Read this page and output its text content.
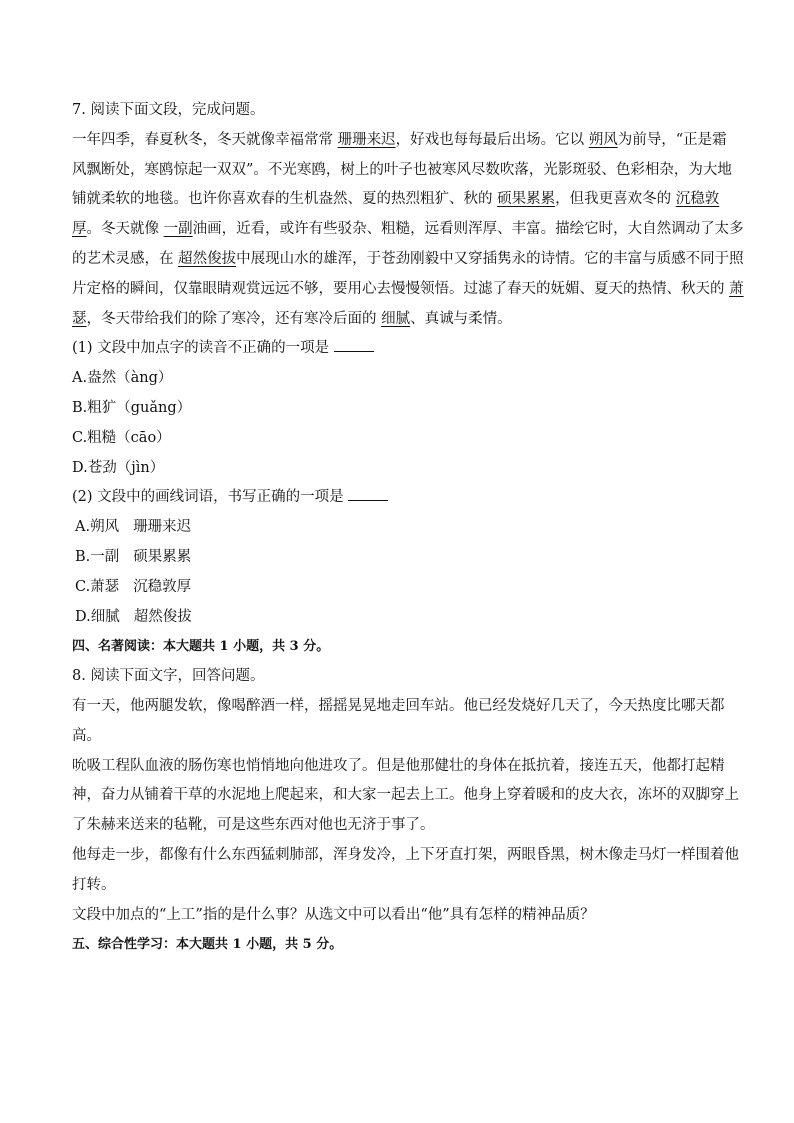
7. 阅读下面文段，完成问题。
一年四季，春夏秋冬，冬天就像幸福常常 珊珊来迟，好戏也每每最后出场。它以 朔风为前导，“正是霜
风飘断处，寒鸥惊起一双双”。不光寒鸥，树上的叶子也被寒风尽数吹落，光影斑驳、色彩相杂，为大地
铺就柔软的地毯。也许你喜欢春的生机盎然、夏的热烈粗犷、秋的 硕果累累，但我更喜欢冬的 沉稳敦
厚。冬天就像 一副油画，近看，或许有些驳杂、粗糙，远看则浑厚、丰富。描绘它时，大自然调动了太多
的艺术灵感，在 超然俊拔中展现山水的雄浑，于苍劲刚毅中又穿插隽永的诗情。它的丰富与质感不同于照
片定格的瞬间，仅靠眼睛观赏远远不够，要用心去慢慢领悟。过滤了春天的妩媚、夏天的热情、秋天的 萧
瑟，冬天带给我们的除了寒冷，还有寒冷后面的 细腻、真诚与柔情。
(1) 文段中加点字的读音不正确的一项是
A.盎然（àng）
B.粗犷（guǎng）
C.粗糙（cāo）
D.苍劲（jìn）
(2) 文段中的画线词语，书写正确的一项是
A.朔风 珊珊来迟
B.一副 硕果累累
C.萧瑟 沉稳敦厚
D.细腻 超然俊拔
四、名著阅读：本大题共 1 小题，共 3 分。
8. 阅读下面文字，回答问题。
有一天，他两腿发软，像喝醉酒一样，摇摇晃晃地走回车站。他已经发烧好几天了，今天热度比哪天都
高。
吮吸工程队血液的肠伤寒也悄悄地向他进攻了。但是他那健壮的身体在抵抗着，接连五天，他都打起精
神，奋力从铺着干草的水泥地上爬起来，和大家一起去上工。他身上穿着暖和的皮大衣，冻坏的双脚穿上
了朱赫来送来的毡靴，可是这些东西对他也无济于事了。
他每走一步，都像有什么东西猛刺肺部，浑身发冷，上下牙直打架，两眼昏黑，树木像走马灯一样围着他
打转。
文段中加点的“上工”指的是什么事？从选文中可以看出“他”具有怎样的精神品质？
五、综合性学习：本大题共 1 小题，共 5 分。
